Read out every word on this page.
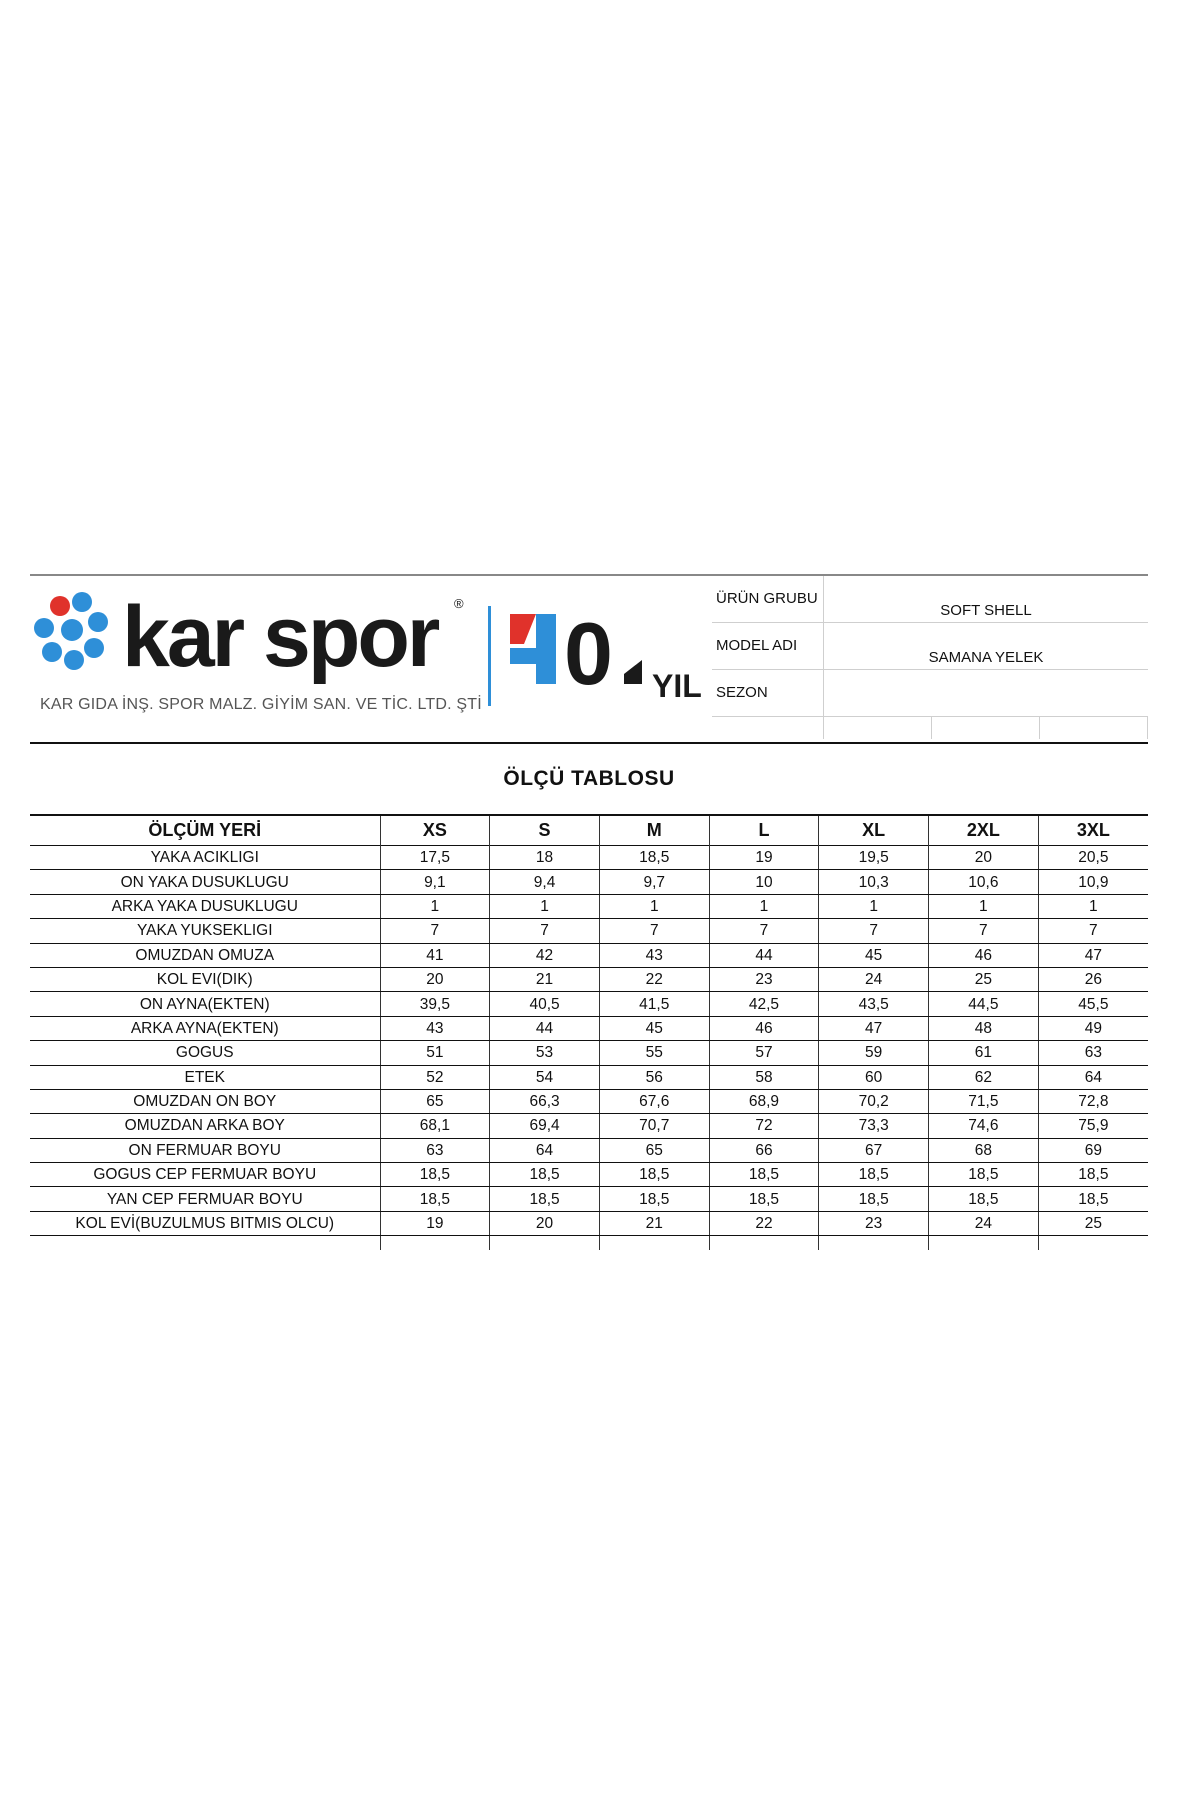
kar spor ®
KAR GIDA İNŞ. SPOR MALZ. GİYİM SAN. VE TİC. LTD. ŞTİ
0 YIL
ÜRÜN GRUBU
SOFT SHELL
MODEL ADI
SAMANA YELEK
SEZON
ÖLÇÜ TABLOSU
ÖLÇÜM YERİ	XS	S	M	L	XL	2XL	3XL
YAKA ACIKLIGI	17,5	18	18,5	19	19,5	20	20,5
ON YAKA DUSUKLUGU	9,1	9,4	9,7	10	10,3	10,6	10,9
ARKA YAKA DUSUKLUGU	1	1	1	1	1	1	1
YAKA YUKSEKLIGI	7	7	7	7	7	7	7
OMUZDAN OMUZA	41	42	43	44	45	46	47
KOL EVI(DIK)	20	21	22	23	24	25	26
ON AYNA(EKTEN)	39,5	40,5	41,5	42,5	43,5	44,5	45,5
ARKA AYNA(EKTEN)	43	44	45	46	47	48	49
GOGUS	51	53	55	57	59	61	63
ETEK	52	54	56	58	60	62	64
OMUZDAN ON BOY	65	66,3	67,6	68,9	70,2	71,5	72,8
OMUZDAN ARKA BOY	68,1	69,4	70,7	72	73,3	74,6	75,9
ON FERMUAR BOYU	63	64	65	66	67	68	69
GOGUS CEP FERMUAR BOYU	18,5	18,5	18,5	18,5	18,5	18,5	18,5
YAN CEP FERMUAR BOYU	18,5	18,5	18,5	18,5	18,5	18,5	18,5
KOL EVİ(BUZULMUS BITMIS OLCU)	19	20	21	22	23	24	25
